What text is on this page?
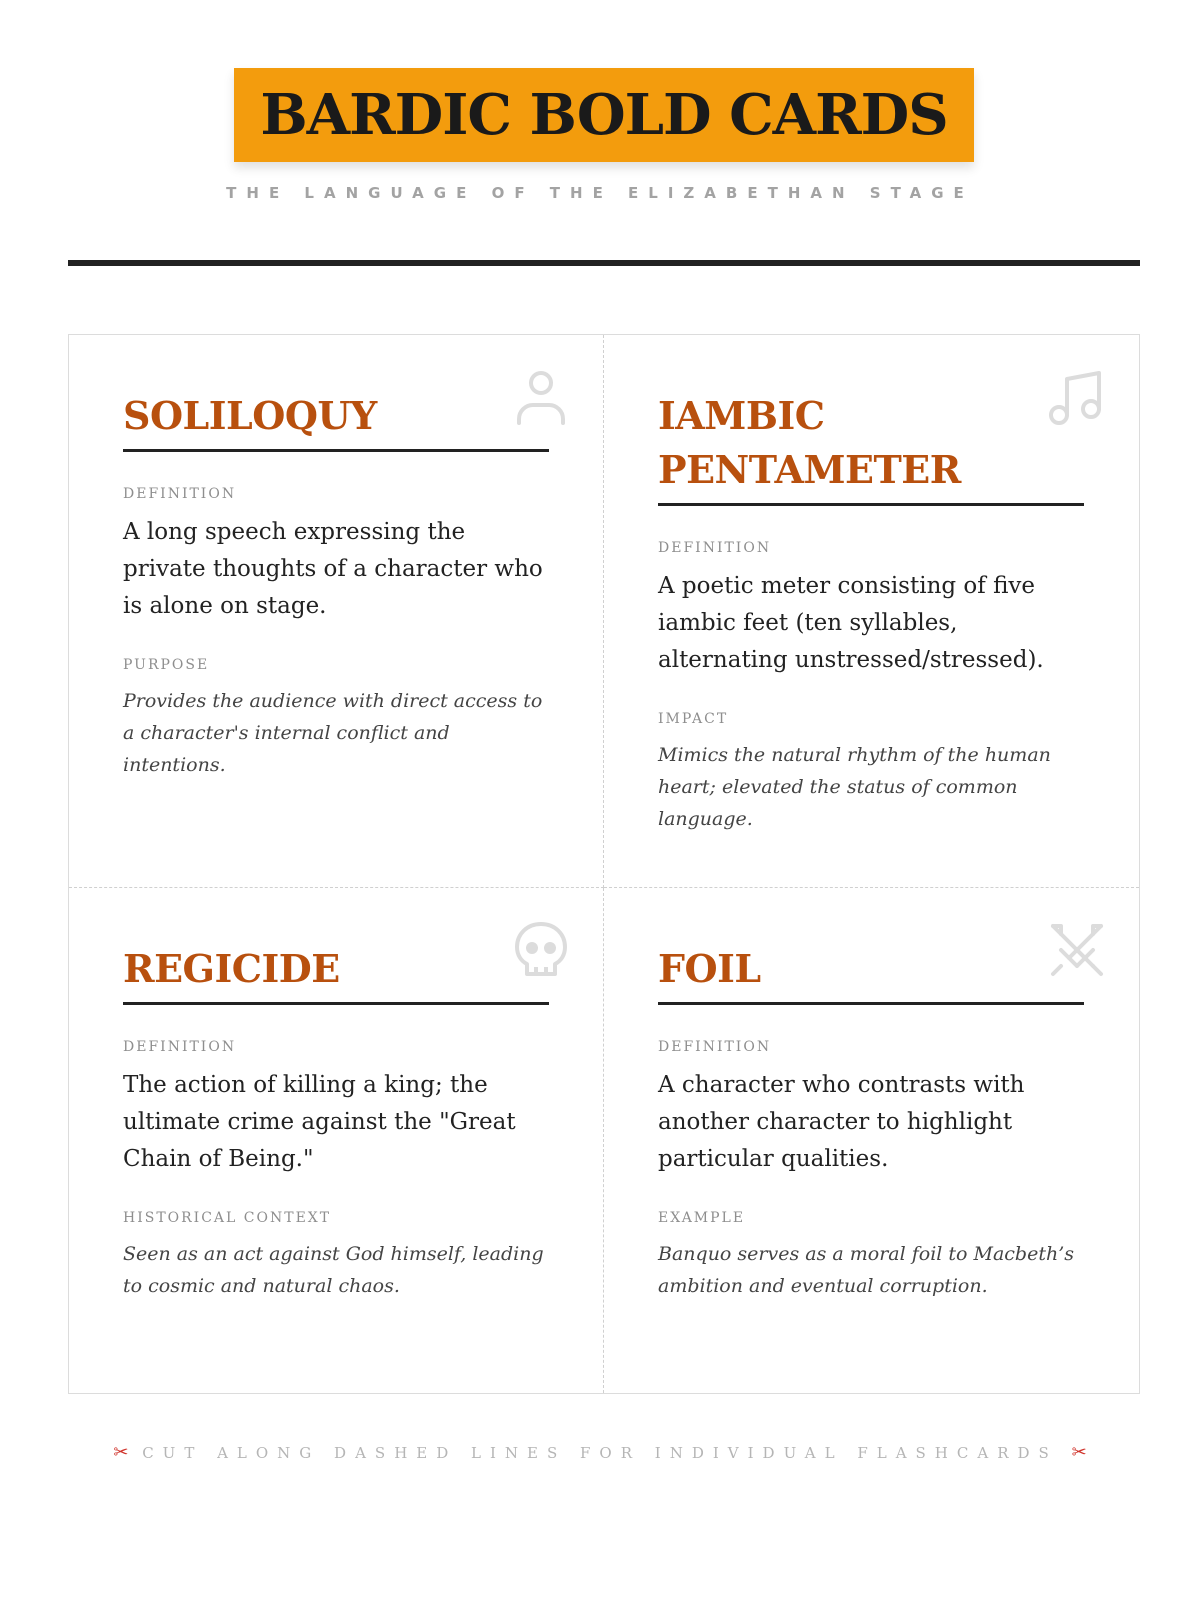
BARDIC BOLD CARDS
THE LANGUAGE OF THE ELIZABETHAN STAGE
SOLILOQUY
DEFINITION
A long speech expressing the private thoughts of a character who is alone on stage.
PURPOSE
Provides the audience with direct access to a character's internal conflict and intentions.
IAMBIC PENTAMETER
DEFINITION
A poetic meter consisting of five iambic feet (ten syllables, alternating unstressed/stressed).
IMPACT
Mimics the natural rhythm of the human heart; elevated the status of common language.
REGICIDE
DEFINITION
The action of killing a king; the ultimate crime against the "Great Chain of Being."
HISTORICAL CONTEXT
Seen as an act against God himself, leading to cosmic and natural chaos.
FOIL
DEFINITION
A character who contrasts with another character to highlight particular qualities.
EXAMPLE
Banquo serves as a moral foil to Macbeth’s ambition and eventual corruption.
✂ CUT ALONG DASHED LINES FOR INDIVIDUAL FLASHCARDS ✂
